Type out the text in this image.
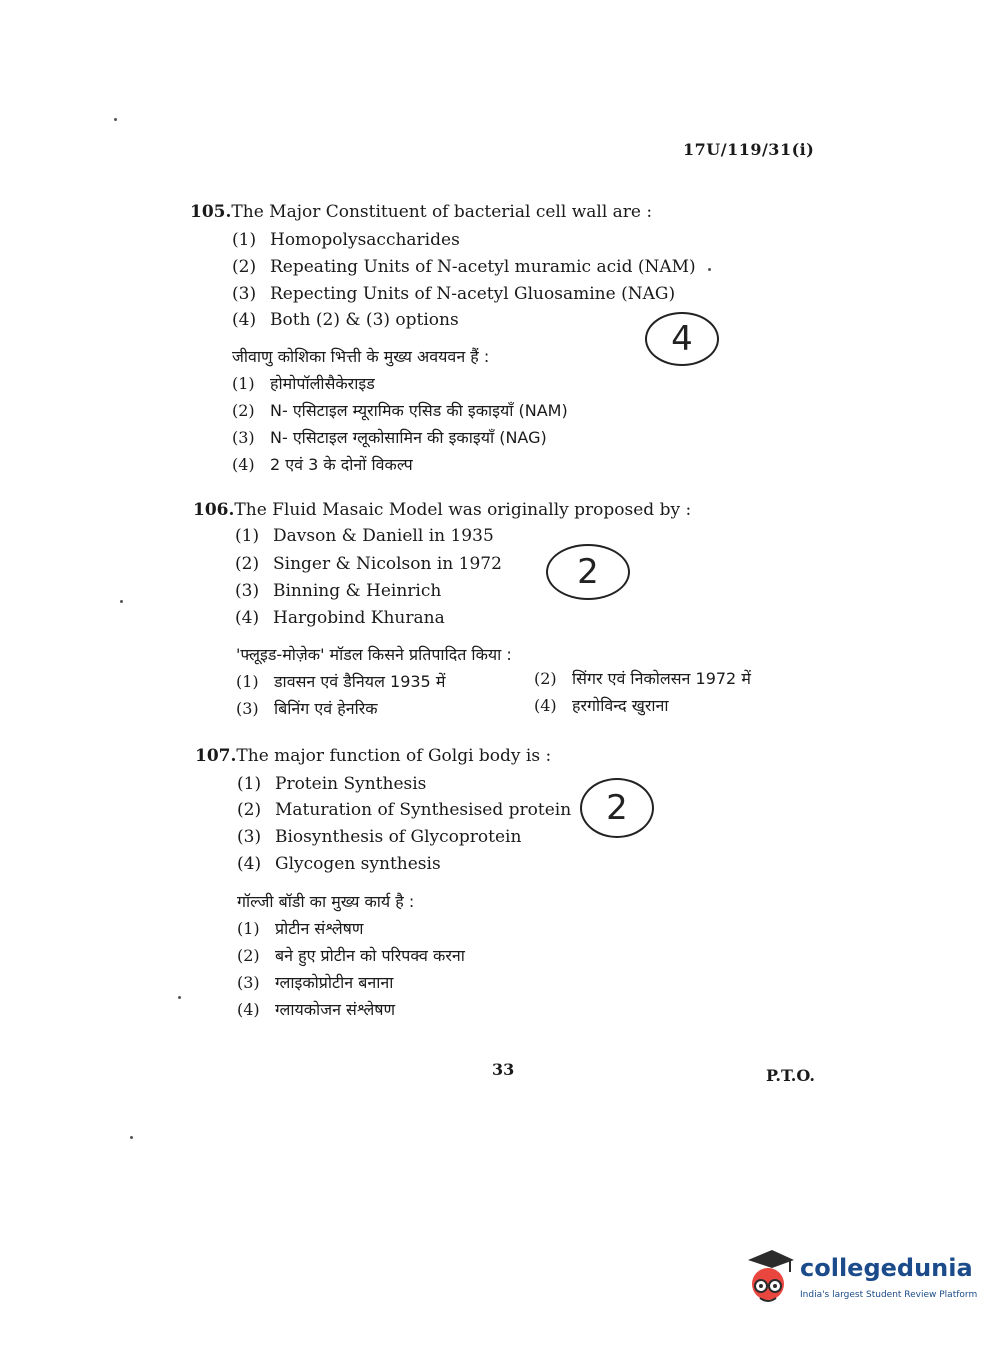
17U/119/31(i)
105.The Major Constituent of bacterial cell wall are :
(1) Homopolysaccharides
(2) Repeating Units of N-acetyl muramic acid (NAM)
(3) Repecting Units of N-acetyl Gluosamine (NAG)
(4) Both (2) & (3) options	4
जीवाणु कोशिका भित्ती के मुख्य अवयवन हैं :
(1) होमोपॉलीसैकेराइड
(2) N- एसिटाइल म्यूरामिक एसिड की इकाइयाँ (NAM)
(3) N- एसिटाइल ग्लूकोसामिन की इकाइयाँ (NAG)
(4) 2 एवं 3 के दोनों विकल्प
106.The Fluid Masaic Model was originally proposed by :
(1) Davson & Daniell in 1935
(2) Singer & Nicolson in 1972
(3) Binning & Heinrich
(4) Hargobind Khurana
2
'फ्लूइड-मोज़ेक' मॉडल किसने प्रतिपादित किया :
(1) डावसन एवं डैनियल 1935 में	(2) सिंगर एवं निकोलसन 1972 में
(3) बिनिंग एवं हेनरिक	(4) हरगोविन्द खुराना
107.The major function of Golgi body is :
(1) Protein Synthesis
(2) Maturation of Synthesised protein
(3) Biosynthesis of Glycoprotein
(4) Glycogen synthesis
2
गॉल्जी बॉडी का मुख्य कार्य है :
(1) प्रोटीन संश्लेषण
(2) बने हुए प्रोटीन को परिपक्व करना
(3) ग्लाइकोप्रोटीन बनाना
(4) ग्लायकोजन संश्लेषण
33	P.T.O.
collegedunia
India's largest Student Review Platform
